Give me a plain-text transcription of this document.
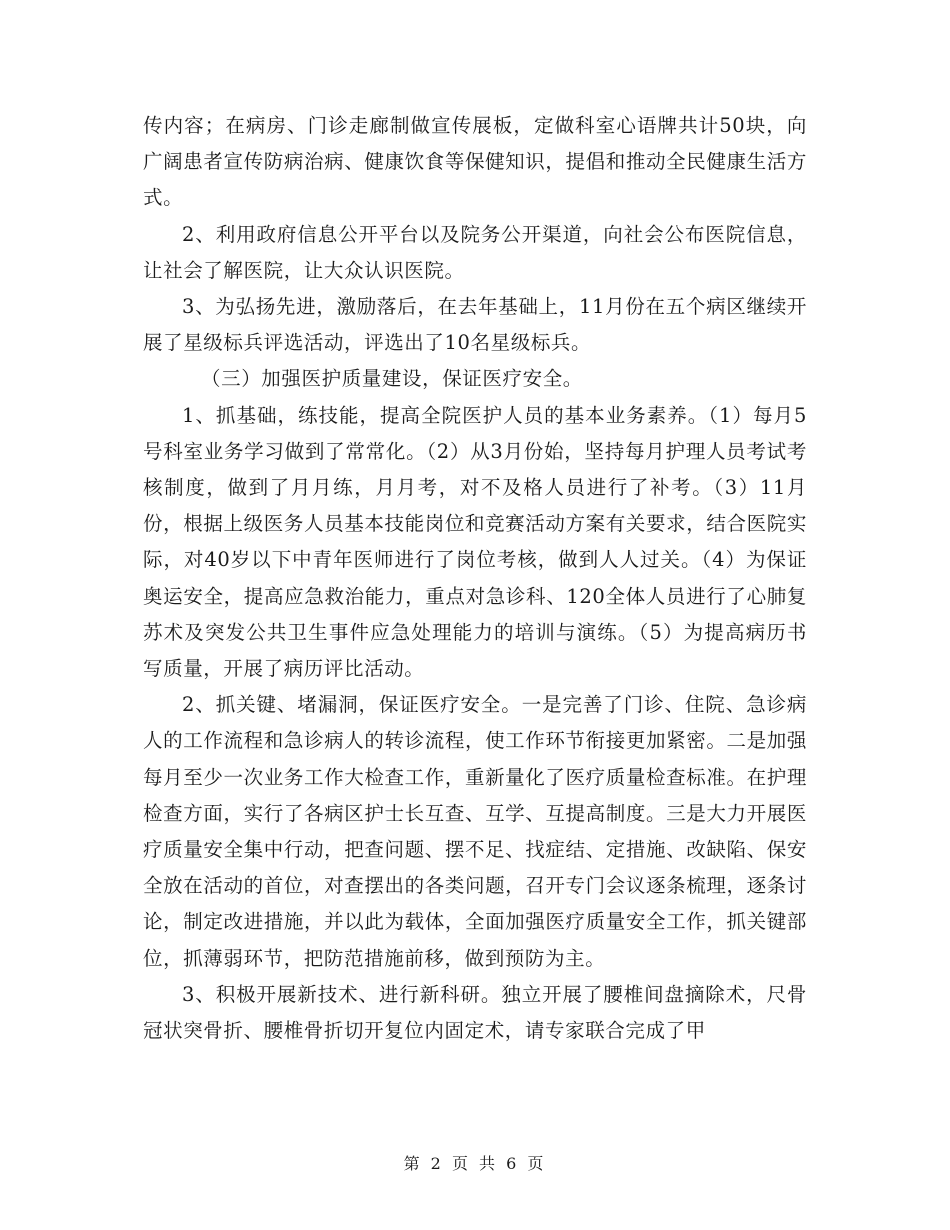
传内容；在病房、门诊走廊制做宣传展板，定做科室心语牌共计50块，向广阔患者宣传防病治病、健康饮食等保健知识，提倡和推动全民健康生活方式。

2、利用政府信息公开平台以及院务公开渠道，向社会公布医院信息，让社会了解医院，让大众认识医院。

3、为弘扬先进，激励落后，在去年基础上，11月份在五个病区继续开展了星级标兵评选活动，评选出了10名星级标兵。

（三）加强医护质量建设，保证医疗安全。

1、抓基础，练技能，提高全院医护人员的基本业务素养。（1）每月5号科室业务学习做到了常常化。（2）从3月份始，坚持每月护理人员考试考核制度，做到了月月练，月月考，对不及格人员进行了补考。（3）11月份，根据上级医务人员基本技能岗位和竞赛活动方案有关要求，结合医院实际，对40岁以下中青年医师进行了岗位考核，做到人人过关。（4）为保证奥运安全，提高应急救治能力，重点对急诊科、120全体人员进行了心肺复苏术及突发公共卫生事件应急处理能力的培训与演练。（5）为提高病历书写质量，开展了病历评比活动。

2、抓关键、堵漏洞，保证医疗安全。一是完善了门诊、住院、急诊病人的工作流程和急诊病人的转诊流程，使工作环节衔接更加紧密。二是加强每月至少一次业务工作大检查工作，重新量化了医疗质量检查标准。在护理检查方面，实行了各病区护士长互查、互学、互提高制度。三是大力开展医疗质量安全集中行动，把查问题、摆不足、找症结、定措施、改缺陷、保安全放在活动的首位，对查摆出的各类问题，召开专门会议逐条梳理，逐条讨论，制定改进措施，并以此为载体，全面加强医疗质量安全工作，抓关键部位，抓薄弱环节，把防范措施前移，做到预防为主。

3、积极开展新技术、进行新科研。独立开展了腰椎间盘摘除术，尺骨冠状突骨折、腰椎骨折切开复位内固定术，请专家联合完成了甲

第 2 页 共 6 页
